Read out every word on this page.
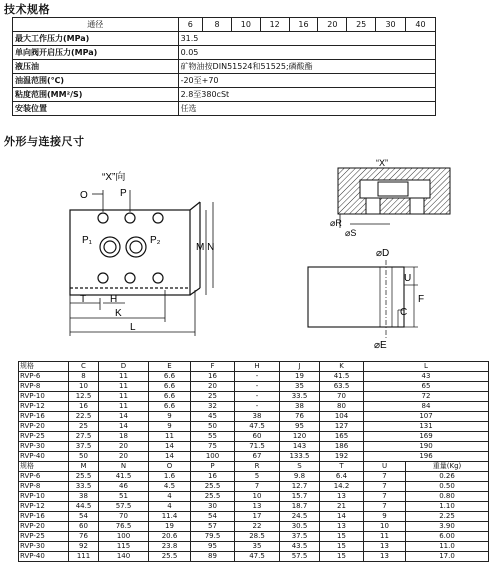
技术规格
通径	6	8	10	12	16	20	25	30	40
最大工作压力(MPa)	31.5								
单向阀开启压力(MPa)	0.05								
液压油	矿物油按DIN51524和51525;磷酸酯								
油温范围(℃)	-20至+70								
粘度范围(MM²/S)	2.8至380cSt								
安装位置	任选								
外形与连接尺寸
“X”向
O	P
P₁	P₂
M N
T H
K
L
“X”
⌀R
⌀S
⌀D
U
F
C
⌀E
规格	C	D	E	F	H	J	K	L	
RVP-6	8	11	6.6	16	-	19	41.5	43	
RVP-8	10	11	6.6	20	-	35	63.5	65	
RVP-10	12.5	11	6.6	25	-	33.5	70	72	
RVP-12	16	11	6.6	32	-	38	80	84	
RVP-16	22.5	14	9	45	38	76	104	107	
RVP-20	25	14	9	50	47.5	95	127	131	
RVP-25	27.5	18	11	55	60	120	165	169	
RVP-30	37.5	20	14	75	71.5	143	186	190	
RVP-40	50	20	14	100	67	133.5	192	196	
规格	M	N	O	P	R	S	T	U	重量(Kg)
RVP-6	25.5	41.5	1.6	16	5	9.8	6.4	7	0.26
RVP-8	33.5	46	4.5	25.5	7	12.7	14.2	7	0.50
RVP-10	38	51	4	25.5	10	15.7	13	7	0.80
RVP-12	44.5	57.5	4	30	13	18.7	21	7	1.10
RVP-16	54	70	11.4	54	17	24.5	14	9	2.25
RVP-20	60	76.5	19	57	22	30.5	13	10	3.90
RVP-25	76	100	20.6	79.5	28.5	37.5	15	11	6.00
RVP-30	92	115	23.8	95	35	43.5	15	13	11.0
RVP-40	111	140	25.5	89	47.5	57.5	15	13	17.0
